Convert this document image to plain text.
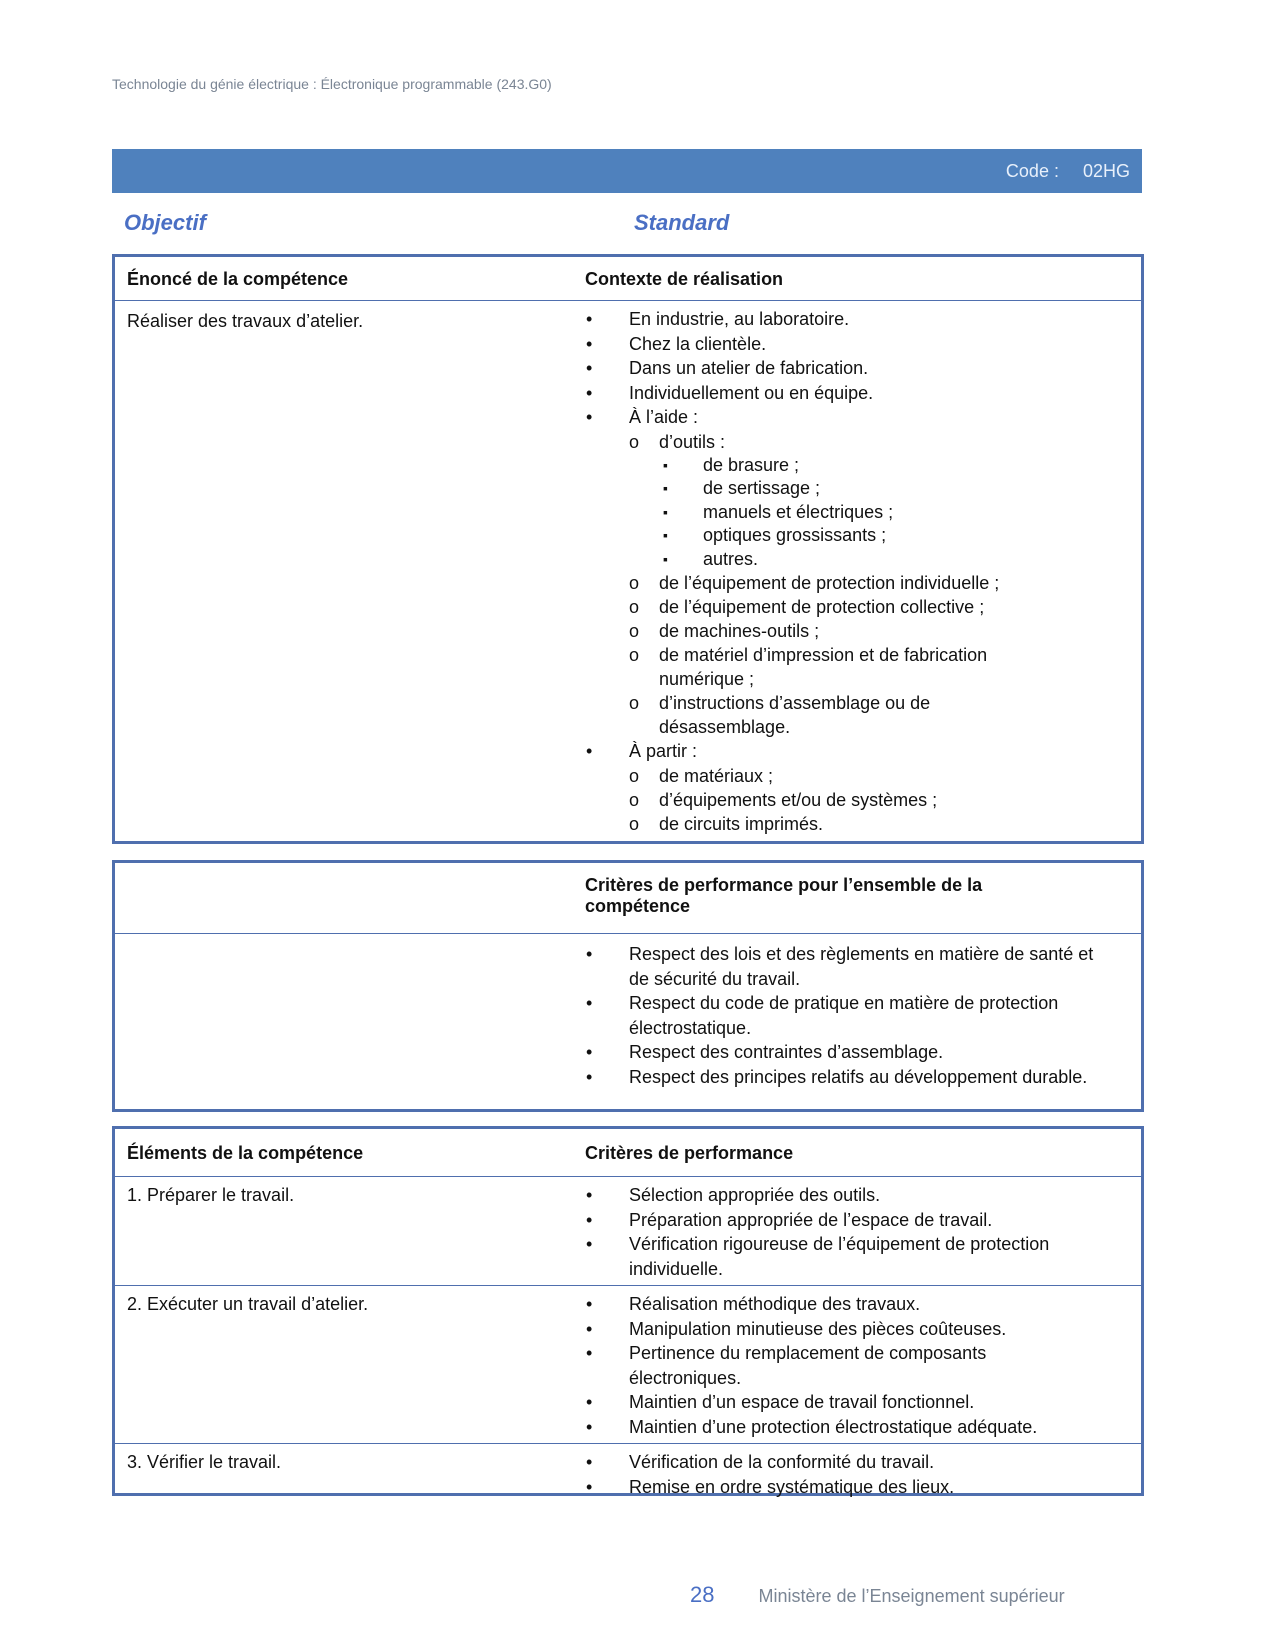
Technologie du génie électrique : Électronique programmable (243.G0)
Code : 02HG
Objectif	Standard
Énoncé de la compétence	Contexte de réalisation
Réaliser des travaux d’atelier.	• En industrie, au laboratoire.
• Chez la clientèle.
• Dans un atelier de fabrication.
• Individuellement ou en équipe.
• À l’aide :
o d’outils :
▪ de brasure ;
▪ de sertissage ;
▪ manuels et électriques ;
▪ optiques grossissants ;
▪ autres.
o de l’équipement de protection individuelle ;
o de l’équipement de protection collective ;
o de machines-outils ;
o de matériel d’impression et de fabrication numérique ;
o d’instructions d’assemblage ou de désassemblage.
• À partir :
o de matériaux ;
o d’équipements et/ou de systèmes ;
o de circuits imprimés.
Critères de performance pour l’ensemble de la compétence
• Respect des lois et des règlements en matière de santé et de sécurité du travail.
• Respect du code de pratique en matière de protection électrostatique.
• Respect des contraintes d’assemblage.
• Respect des principes relatifs au développement durable.
Éléments de la compétence	Critères de performance
1. Préparer le travail.	• Sélection appropriée des outils.
• Préparation appropriée de l’espace de travail.
• Vérification rigoureuse de l’équipement de protection individuelle.
2. Exécuter un travail d’atelier.	• Réalisation méthodique des travaux.
• Manipulation minutieuse des pièces coûteuses.
• Pertinence du remplacement de composants électroniques.
• Maintien d’un espace de travail fonctionnel.
• Maintien d’une protection électrostatique adéquate.
3. Vérifier le travail.	• Vérification de la conformité du travail.
• Remise en ordre systématique des lieux.
28 Ministère de l’Enseignement supérieur
